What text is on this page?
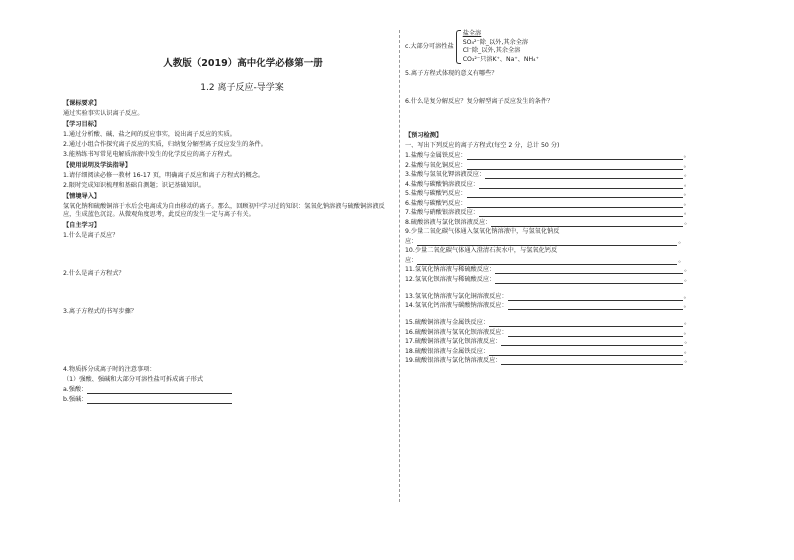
人教版（2019）高中化学必修第一册
1.2 离子反应-导学案
【课标要求】
通过实验事实认识离子反应。
【学习目标】
1.通过分析酸、碱、盐之间的反应事实，说出离子反应的实质。
2.通过小组合作探究离子反应的实质，归纳复分解型离子反应发生的条件。
3.能熟练书写常见电解质溶液中发生的化学反应的离子方程式。
【使用说明及学法指导】
1.请仔细阅读必修一教材 16-17 页，明确离子反应和离子方程式的概念。
2.限时完成知识梳理和基础自测题；识记基础知识。
【情境导入】
氢氧化钠和硫酸铜溶于水后会电离成为自由移动的离子。那么，回顾初中学习过的知识：氢氧化钠溶液与硫酸铜溶液反应，生成蓝色沉淀。从微观角度思考，此反应的发生一定与离子有关。
【自主学习】
1.什么是离子反应？
2.什么是离子方程式？
3.离子方程式的书写步骤？
4.物质拆分成离子时的注意事项：
（1）强酸、强碱和大部分可溶性盐可拆成离子形式
a.强酸：
b.强碱：
c.大部分可溶性盐
盐全溶
SO₄²⁻除_以外,其余全溶
Cl⁻除_以外,其余全溶
CO₃²⁻只溶K⁺、Na⁺、NH₄⁺
5.离子方程式体现的意义有哪些？
6.什么是复分解反应？复分解型离子反应发生的条件？
【预习检测】
一、写出下列反应的离子方程式(每空 2 分，总计 50 分)
1.盐酸与金属铁反应：	。
2.盐酸与氧化铜反应：	。
3.盐酸与氢氧化钾溶液反应：	。
4.盐酸与碳酸钠溶液反应：	。
5.盐酸与碳酸钙反应：	。
6.盐酸与碳酸钙反应：	。
7.盐酸与硝酸银溶液反应：	。
8.硫酸溶液与氯化钡溶液反应：	。
9.少量二氧化碳气体通入氢氧化钠溶液中，与氢氧化钠反
应：	。
10.少量二氧化碳气体通入澄清石灰水中，与氢氧化钙反
应：	。
11.氢氧化钠溶液与稀硫酸反应：	。
12.氢氧化钡溶液与稀硫酸反应：	。
13.氢氧化钠溶液与氯化铜溶液反应：	。
14.氢氧化钙溶液与碳酸钠溶液反应：	。
15.硫酸铜溶液与金属铁反应：	。
16.硫酸铜溶液与氢氧化钡溶液反应：	。
17.硫酸铜溶液与氯化钡溶液反应：	。
18.硫酸银溶液与金属铁反应：	。
19.硫酸银溶液与氯化钠溶液反应：	。
